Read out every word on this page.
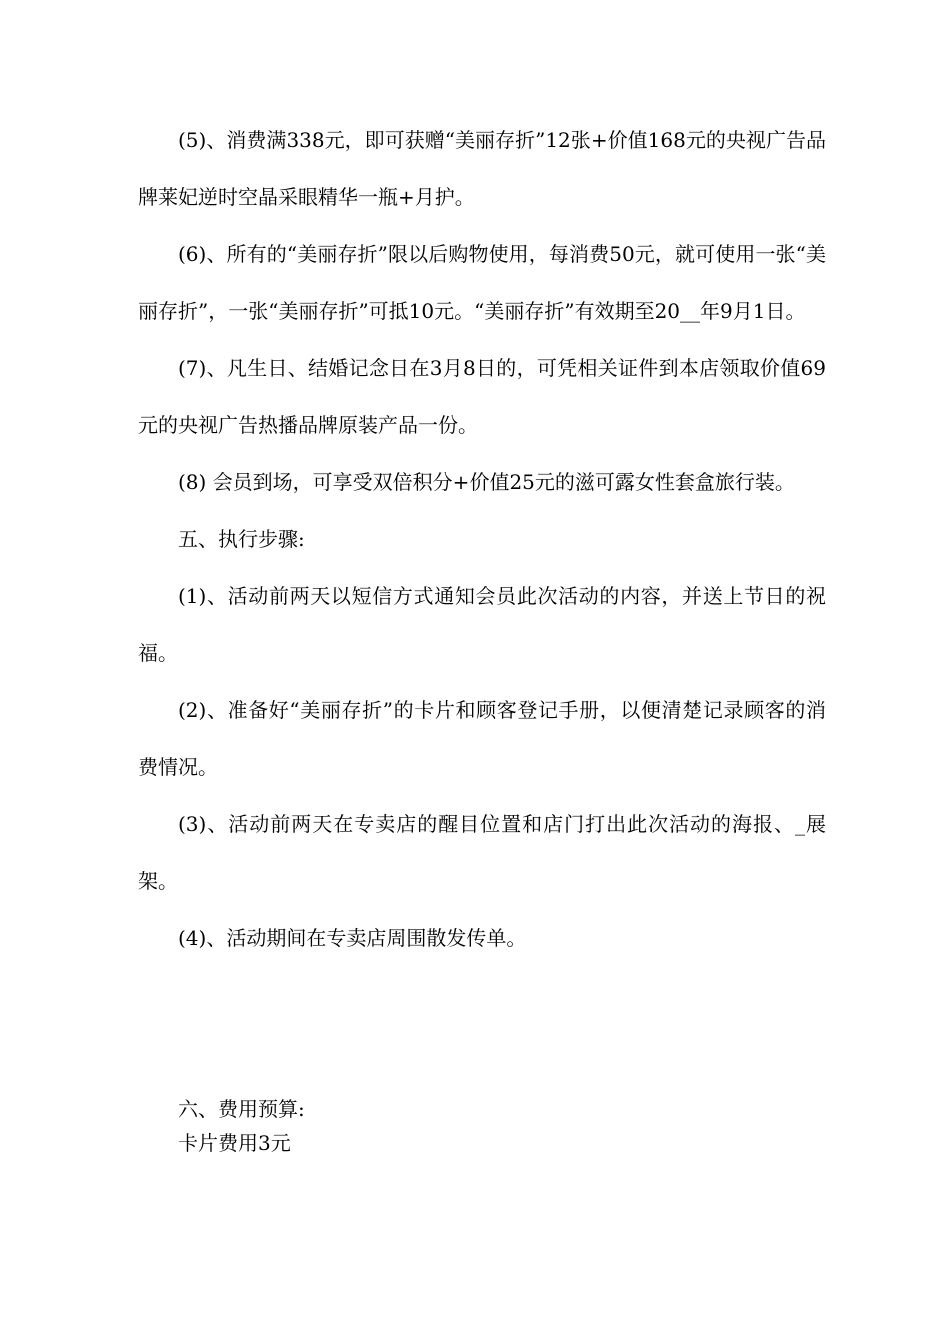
(5)、消费满338元，即可获赠“美丽存折”12张+价值168元的央视广告品牌莱妃逆时空晶采眼精华一瓶+月护。

(6)、所有的“美丽存折”限以后购物使用，每消费50元，就可使用一张“美丽存折”，一张“美丽存折”可抵10元。“美丽存折”有效期至20__年9月1日。

(7)、凡生日、结婚记念日在3月8日的，可凭相关证件到本店领取价值69元的央视广告热播品牌原装产品一份。

(8) 会员到场，可享受双倍积分+价值25元的滋可露女性套盒旅行装。

五、执行步骤:

(1)、活动前两天以短信方式通知会员此次活动的内容，并送上节日的祝福。

(2)、准备好“美丽存折”的卡片和顾客登记手册，以便清楚记录顾客的消费情况。

(3)、活动前两天在专卖店的醒目位置和店门打出此次活动的海报、_展架。

(4)、活动期间在专卖店周围散发传单。

六、费用预算:

卡片费用3元
